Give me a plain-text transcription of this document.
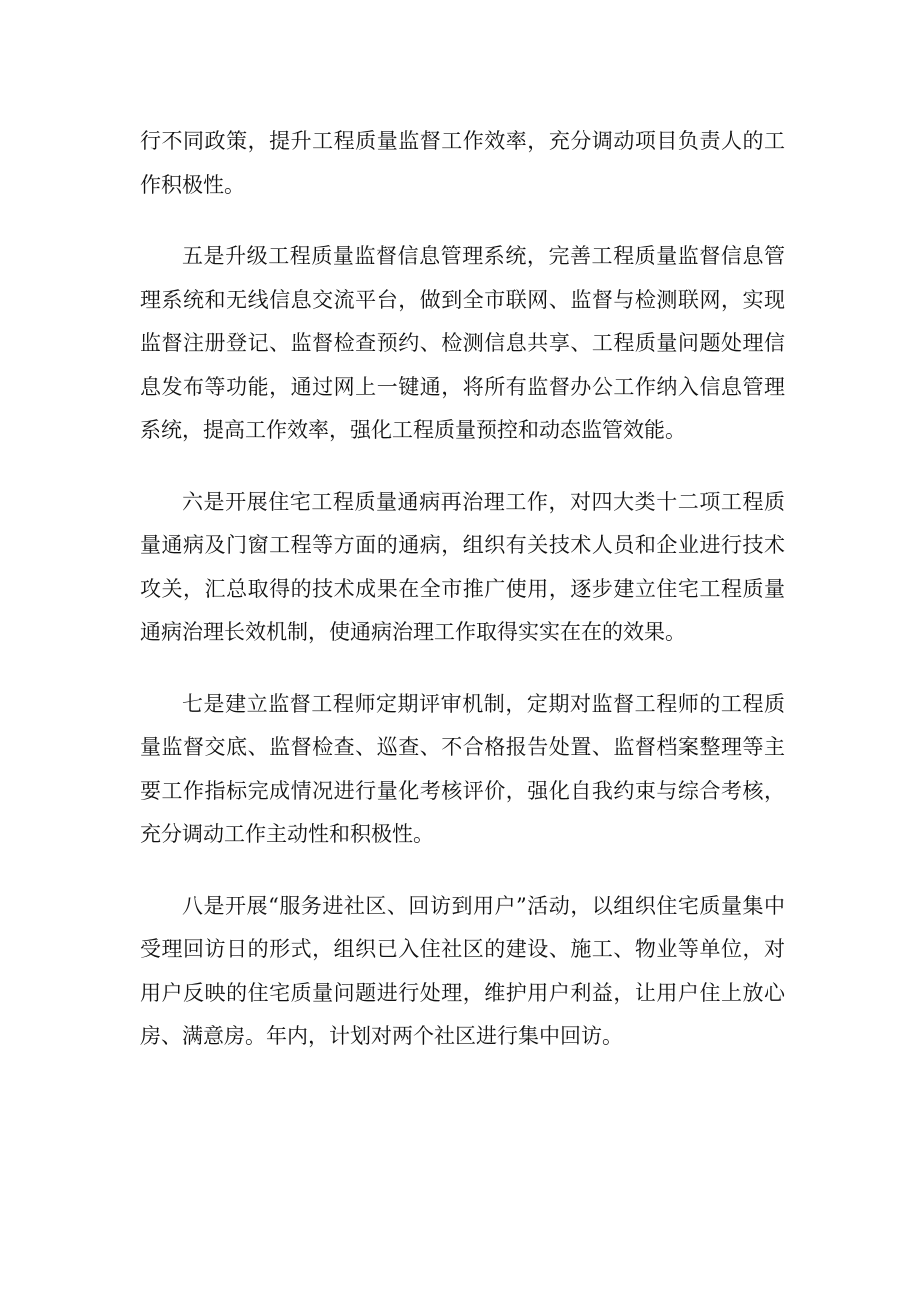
行不同政策，提升工程质量监督工作效率，充分调动项目负责人的工作积极性。

五是升级工程质量监督信息管理系统，完善工程质量监督信息管理系统和无线信息交流平台，做到全市联网、监督与检测联网，实现监督注册登记、监督检查预约、检测信息共享、工程质量问题处理信息发布等功能，通过网上一键通，将所有监督办公工作纳入信息管理系统，提高工作效率，强化工程质量预控和动态监管效能。

六是开展住宅工程质量通病再治理工作，对四大类十二项工程质量通病及门窗工程等方面的通病，组织有关技术人员和企业进行技术攻关，汇总取得的技术成果在全市推广使用，逐步建立住宅工程质量通病治理长效机制，使通病治理工作取得实实在在的效果。

七是建立监督工程师定期评审机制，定期对监督工程师的工程质量监督交底、监督检查、巡查、不合格报告处置、监督档案整理等主要工作指标完成情况进行量化考核评价，强化自我约束与综合考核，充分调动工作主动性和积极性。

八是开展“服务进社区、回访到用户”活动，以组织住宅质量集中受理回访日的形式，组织已入住社区的建设、施工、物业等单位，对用户反映的住宅质量问题进行处理，维护用户利益，让用户住上放心房、满意房。年内，计划对两个社区进行集中回访。
